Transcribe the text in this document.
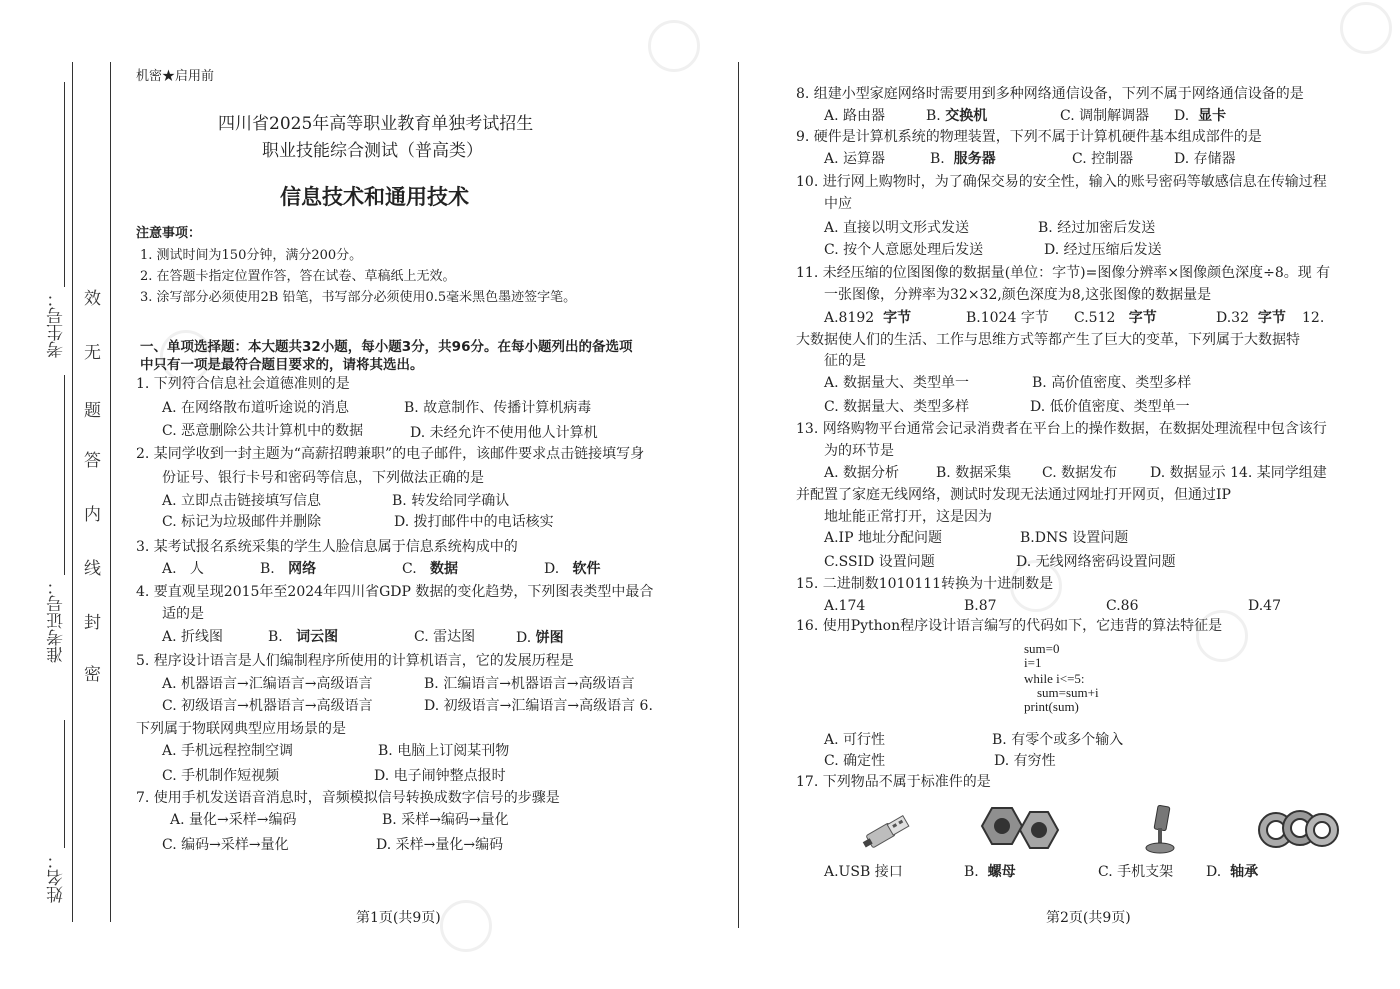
考生号：
准考证号：
姓名：
效
无
题
答
内
线
封
密
机密★启用前
四川省2025年高等职业教育单独考试招生
职业技能综合测试（普高类）
信息技术和通用技术
注意事项：
1. 测试时间为150分钟，满分200分。
2. 在答题卡指定位置作答，答在试卷、草稿纸上无效。
3. 涂写部分必须使用2B 铅笔，书写部分必须使用0.5毫米黑色墨迹签字笔。
一、单项选择题：本大题共32小题，每小题3分，共96分。在每小题列出的备选项
中只有一项是最符合题目要求的，请将其选出。
1. 下列符合信息社会道德准则的是
A. 在网络散布道听途说的消息	B. 故意制作、传播计算机病毒
C. 恶意删除公共计算机中的数据	D. 未经允许不使用他人计算机
2. 某同学收到一封主题为“高薪招聘兼职”的电子邮件，该邮件要求点击链接填写身
份证号、银行卡号和密码等信息，下列做法正确的是
A. 立即点击链接填写信息	B. 转发给同学确认
C. 标记为垃圾邮件并删除	D. 拨打邮件中的电话核实
3. 某考试报名系统采集的学生人脸信息属于信息系统构成中的
A. 人	B. 网络	C. 数据	D. 软件
4. 要直观呈现2015年至2024年四川省GDP 数据的变化趋势，下列图表类型中最合
适的是
A. 折线图	B. 词云图	C. 雷达图	D. 饼图
5. 程序设计语言是人们编制程序所使用的计算机语言，它的发展历程是
A. 机器语言→汇编语言→高级语言	B. 汇编语言→机器语言→高级语言
C. 初级语言→机器语言→高级语言	D. 初级语言→汇编语言→高级语言 6.
下列属于物联网典型应用场景的是
A. 手机远程控制空调	B. 电脑上订阅某刊物
C. 手机制作短视频	D. 电子闹钟整点报时
7. 使用手机发送语音消息时，音频模拟信号转换成数字信号的步骤是
A. 量化→采样→编码	B. 采样→编码→量化
C. 编码→采样→量化	D. 采样→量化→编码
第1页(共9页)
8. 组建小型家庭网络时需要用到多种网络通信设备，下列不属于网络通信设备的是
A. 路由器	B. 交换机	C. 调制解调器 D. 显卡
9. 硬件是计算机系统的物理装置，下列不属于计算机硬件基本组成部件的是
A. 运算器	B. 服务器	C. 控制器	D. 存储器
10. 进行网上购物时，为了确保交易的安全性，输入的账号密码等敏感信息在传输过程
中应
A. 直接以明文形式发送	B. 经过加密后发送
C. 按个人意愿处理后发送	D. 经过压缩后发送
11. 未经压缩的位图图像的数据量(单位：字节)=图像分辨率×图像颜色深度÷8。现 有
一张图像，分辨率为32×32,颜色深度为8,这张图像的数据量是
A.8192 字节	B.1024 字节 C.512 字节	D.32 字节 12.
大数据使人们的生活、工作与思维方式等都产生了巨大的变革，下列属于大数据特
征的是
A. 数据量大、类型单一	B. 高价值密度、类型多样
C. 数据量大、类型多样	D. 低价值密度、类型单一
13. 网络购物平台通常会记录消费者在平台上的操作数据，在数据处理流程中包含该行
为的环节是
A. 数据分析	B. 数据采集 C. 数据发布 D. 数据显示 14. 某同学组建
并配置了家庭无线网络，测试时发现无法通过网址打开网页，但通过IP
地址能正常打开，这是因为
A.IP 地址分配问题	B.DNS 设置问题
C.SSID 设置问题	D. 无线网络密码设置问题
15. 二进制数1010111转换为十进制数是
A.174	B.87	C.86	D.47
16. 使用Python程序设计语言编写的代码如下，它违背的算法特征是
sum=0
i=1
while i<=5:
sum=sum+i
print(sum)
A. 可行性	B. 有零个或多个输入
C. 确定性	D. 有穷性
17. 下列物品不属于标准件的是
A.USB 接口	B. 螺母	C. 手机支架 D. 轴承
第2页(共9页)
